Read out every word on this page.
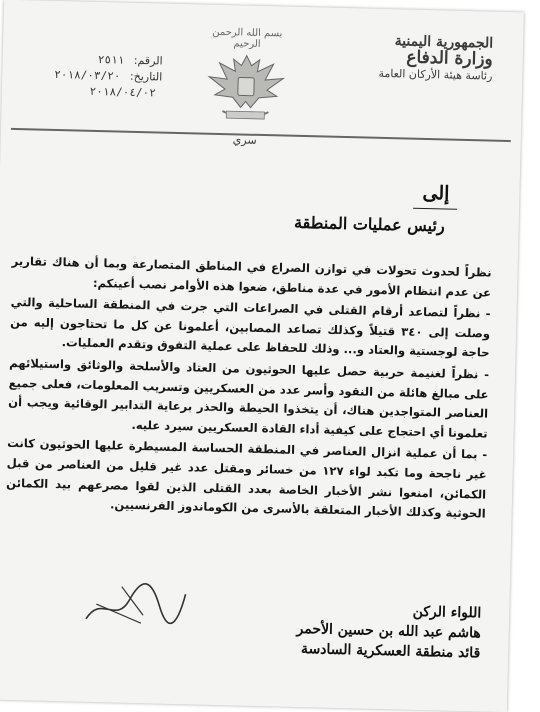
الجمهورية اليمنية
وزارة الدفاع
رئاسة هيئة الأركان العامة
بسم الله الرحمن الرحيم
سري
الرقم: ٢٥١١
التاريخ: ٢٠١٨/٠٣/٢٠
٢٠١٨/٠٤/٠٢
إلى
رئيس عمليات المنطقة

نظراً لحدوث تحولات في توازن الصراع في المناطق المتصارعة وبما أن هناك تقارير عن عدم انتظام الأمور في عدة مناطق، ضعوا هذه الأوامر نصب أعينكم:

- نظراً لتصاعد أرقام القتلى في الصراعات التي جرت في المنطقة الساحلية والتي وصلت إلى ٣٤٠ قتيلاً وكذلك تصاعد المصابين، أعلمونا عن كل ما تحتاجون إليه من حاجة لوجستية والعتاد و... وذلك للحفاظ على عملية التفوق وتقدم العمليات.

- نظراً لغنيمة حربية حصل عليها الحوثيون من العتاد والأسلحة والوثائق واستيلائهم على مبالغ هائلة من النقود وأسر عدد من العسكريين وتسريب المعلومات، فعلى جميع العناصر المتواجدين هناك، أن يتخذوا الحيطة والحذر برعاية التدابير الوقائية ويجب أن تعلمونا أي احتجاج على كيفية أداء القادة العسكريين سيرد عليه.

- بما أن عملية انزال العناصر في المنطقة الحساسة المسيطرة عليها الحوثيون كانت غير ناجحة وما تكبد لواء ١٢٧ من خسائر ومقتل عدد غير قليل من العناصر من قبل الكمائن، امنعوا نشر الأخبار الخاصة بعدد القتلى الذين لقوا مصرعهم بيد الكمائن الحوثية وكذلك الأخبار المتعلقة بالأسرى من الكوماندوز الفرنسيين.

اللواء الركن
هاشم عبد الله بن حسين الأحمر
قائد منطقة العسكرية السادسة
